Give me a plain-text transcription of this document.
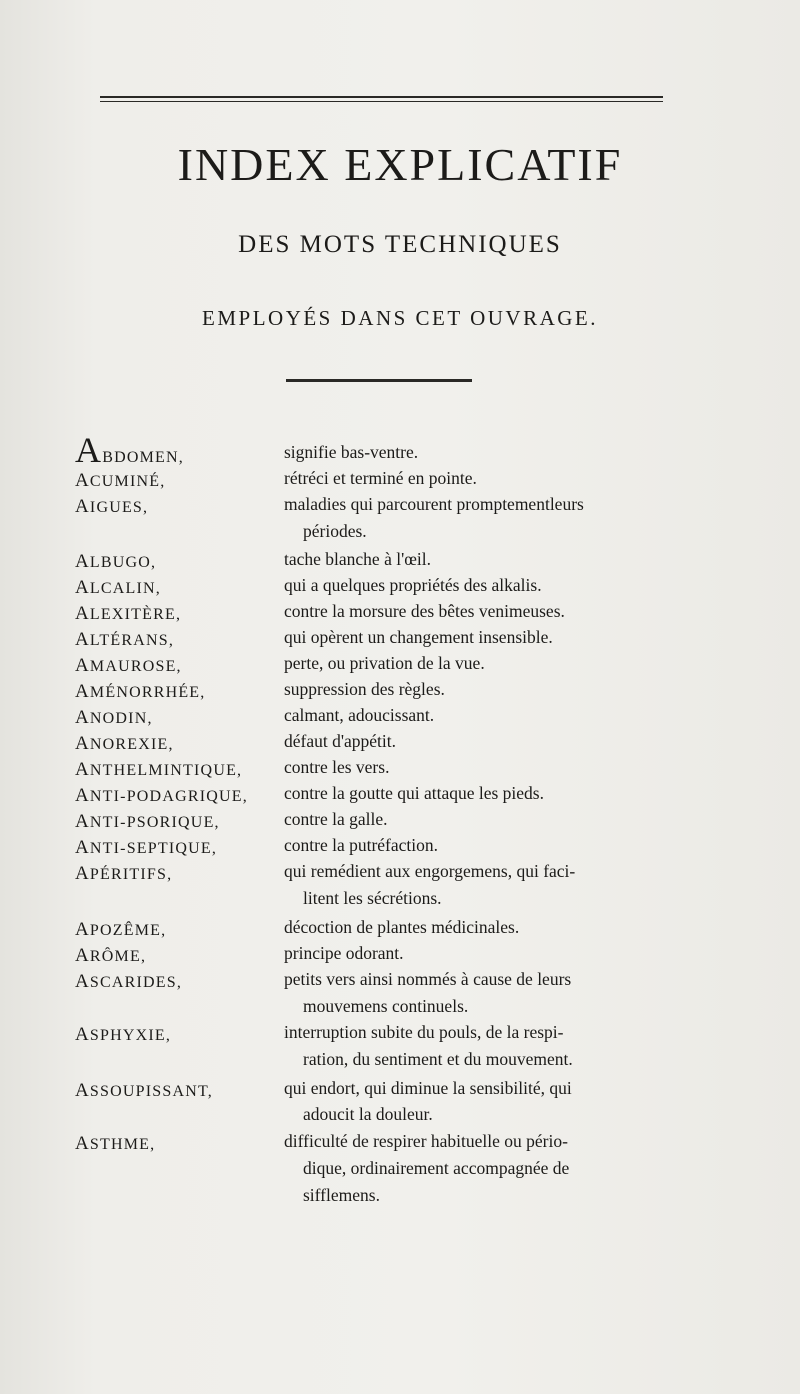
INDEX EXPLICATIF
DES MOTS TECHNIQUES
EMPLOYÉS DANS CET OUVRAGE.
ABDOMEN,	signifie bas-ventre.
ACUMINÉ,	rétréci et terminé en pointe.
AIGUES,	maladies qui parcourent promptementleurs
périodes.
ALBUGO,	tache blanche à l'œil.
ALCALIN,	qui a quelques propriétés des alkalis.
ALEXITÈRE,	contre la morsure des bêtes venimeuses.
ALTÉRANS,	qui opèrent un changement insensible.
AMAUROSE,	perte, ou privation de la vue.
AMÉNORRHÉE,	suppression des règles.
ANODIN,	calmant, adoucissant.
ANOREXIE,	défaut d'appétit.
ANTHELMINTIQUE,	contre les vers.
ANTI-PODAGRIQUE,	contre la goutte qui attaque les pieds.
ANTI-PSORIQUE,	contre la galle.
ANTI-SEPTIQUE,	contre la putréfaction.
APÉRITIFS,	qui remédient aux engorgemens, qui faci-
litent les sécrétions.
APOZÊME,	décoction de plantes médicinales.
ARÔME,	principe odorant.
ASCARIDES,	petits vers ainsi nommés à cause de leurs
mouvemens continuels.
ASPHYXIE,	interruption subite du pouls, de la respi-
ration, du sentiment et du mouvement.
ASSOUPISSANT,	qui endort, qui diminue la sensibilité, qui
adoucit la douleur.
ASTHME,	difficulté de respirer habituelle ou pério-
dique, ordinairement accompagnée de
sifflemens.
